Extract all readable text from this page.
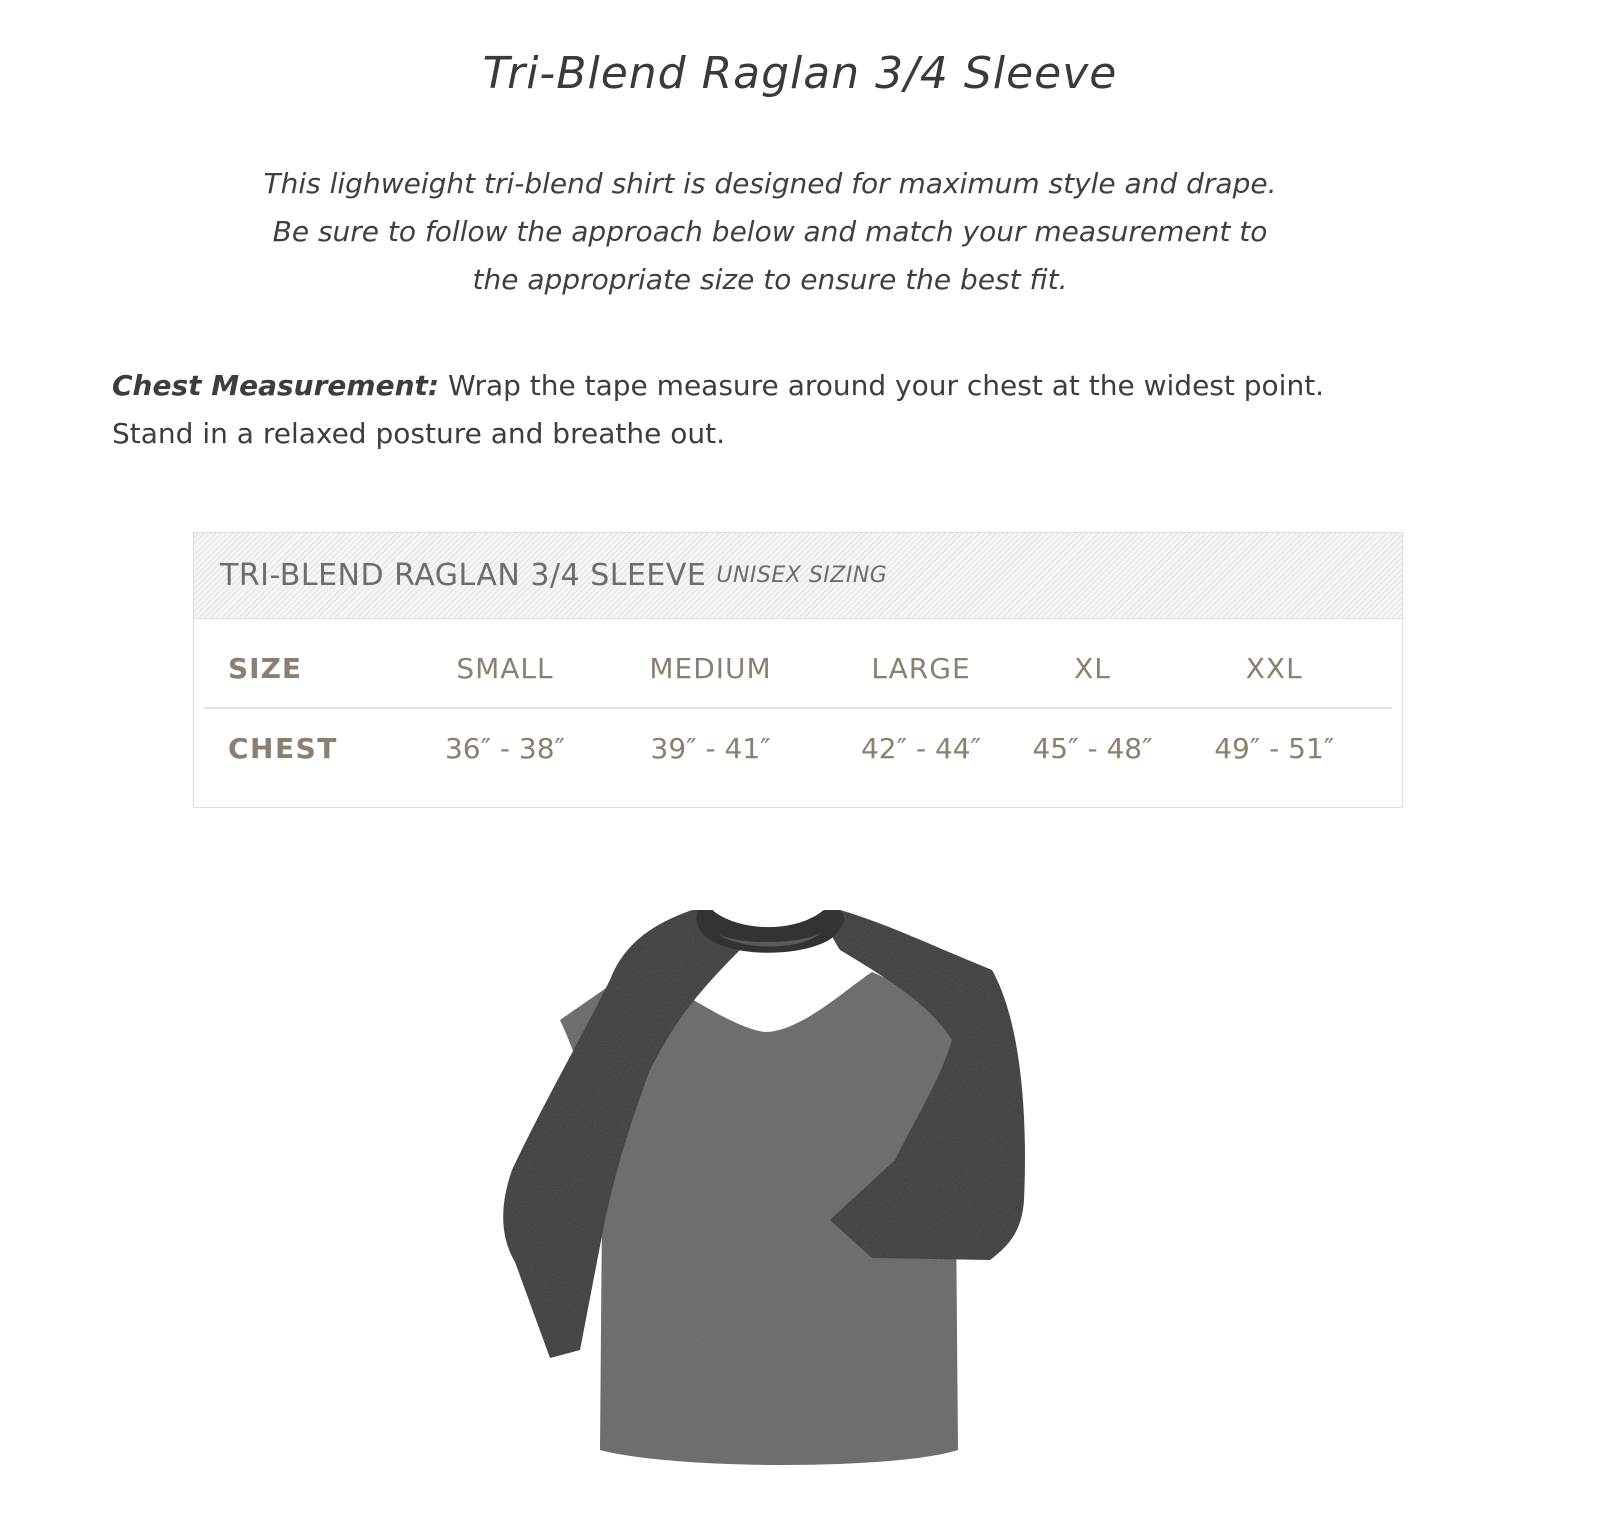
Tri-Blend Raglan 3/4 Sleeve

This lighweight tri-blend shirt is designed for maximum style and drape.
Be sure to follow the approach below and match your measurement to
the appropriate size to ensure the best fit.

Chest Measurement: Wrap the tape measure around your chest at the widest point.
Stand in a relaxed posture and breathe out.

TRI-BLEND RAGLAN 3/4 SLEEVE UNISEX SIZING
SIZE	SMALL	MEDIUM	LARGE	XL	XXL
CHEST	36″ - 38″	39″ - 41″	42″ - 44″	45″ - 48″	49″ - 51″
